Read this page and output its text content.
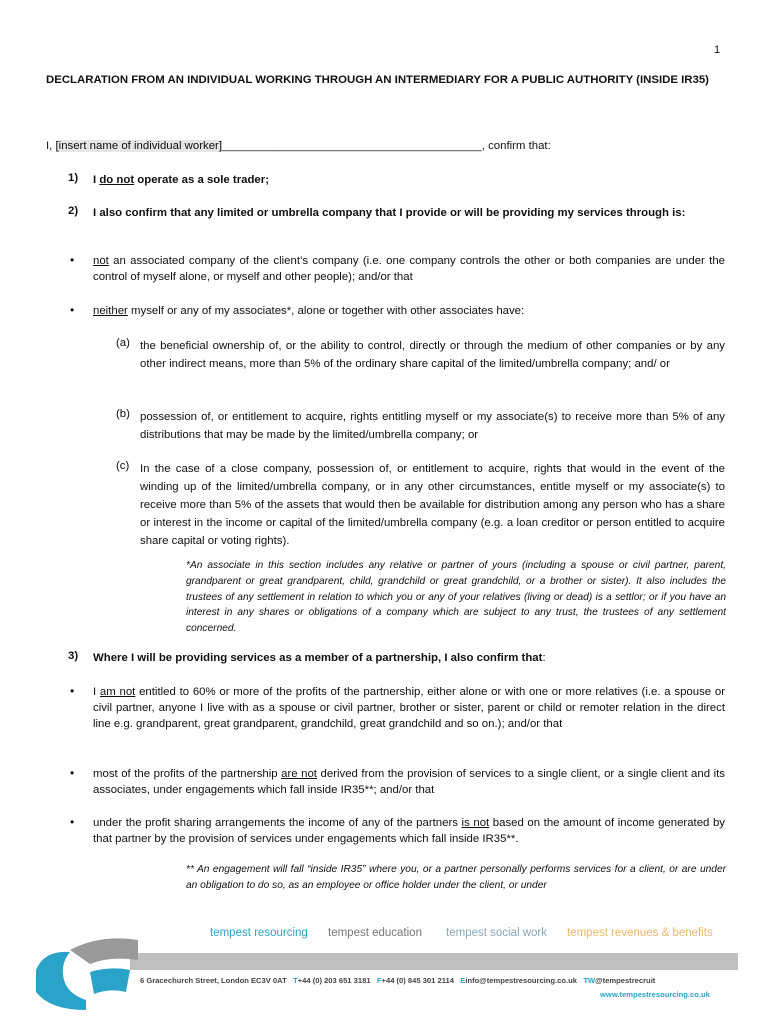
1
DECLARATION FROM AN INDIVIDUAL WORKING THROUGH AN INTERMEDIARY FOR A PUBLIC AUTHORITY (INSIDE IR35)
I, [insert name of individual worker]_________________________________________, confirm that:
1)	I do not operate as a sole trader;
2)	I also confirm that any limited or umbrella company that I provide or will be providing my services through is:
• not an associated company of the client’s company (i.e. one company controls the other or both companies are under the control of myself alone, or myself and other people); and/or that
• neither myself or any of my associates*, alone or together with other associates have:
(a) the beneficial ownership of, or the ability to control, directly or through the medium of other companies or by any other indirect means, more than 5% of the ordinary share capital of the limited/umbrella company; and/ or
(b) possession of, or entitlement to acquire, rights entitling myself or my associate(s) to receive more than 5% of any distributions that may be made by the limited/umbrella company; or
(c) In the case of a close company, possession of, or entitlement to acquire, rights that would in the event of the winding up of the limited/umbrella company, or in any other circumstances, entitle myself or my associate(s) to receive more than 5% of the assets that would then be available for distribution among any person who has a share or interest in the income or capital of the limited/umbrella company (e.g. a loan creditor or person entitled to acquire share capital or voting rights).
*An associate in this section includes any relative or partner of yours (including a spouse or civil partner, parent, grandparent or great grandparent, child, grandchild or great grandchild, or a brother or sister). It also includes the trustees of any settlement in relation to which you or any of your relatives (living or dead) is a settlor; or if you have an interest in any shares or obligations of a company which are subject to any trust, the trustees of any settlement concerned.
3)	Where I will be providing services as a member of a partnership, I also confirm that:
• I am not entitled to 60% or more of the profits of the partnership, either alone or with one or more relatives (i.e. a spouse or civil partner, anyone I live with as a spouse or civil partner, brother or sister, parent or child or remoter relation in the direct line e.g. grandparent, great grandparent, grandchild, great grandchild and so on.); and/or that
• most of the profits of the partnership are not derived from the provision of services to a single client, or a single client and its associates, under engagements which fall inside IR35**; and/or that
• under the profit sharing arrangements the income of any of the partners is not based on the amount of income generated by that partner by the provision of services under engagements which fall inside IR35**.
** An engagement will fall “inside IR35” where you, or a partner personally performs services for a client, or are under an obligation to do so, as an employee or office holder under the client, or under
tempest resourcing tempest education tempest social work tempest revenues & benefits
6 Gracechurch Street, London EC3V 0AT T+44 (0) 203 651 3181 F+44 (0) 845 301 2114 Einfo@tempestresourcing.co.uk TW@tempestrecruit
www.tempestresourcing.co.uk
